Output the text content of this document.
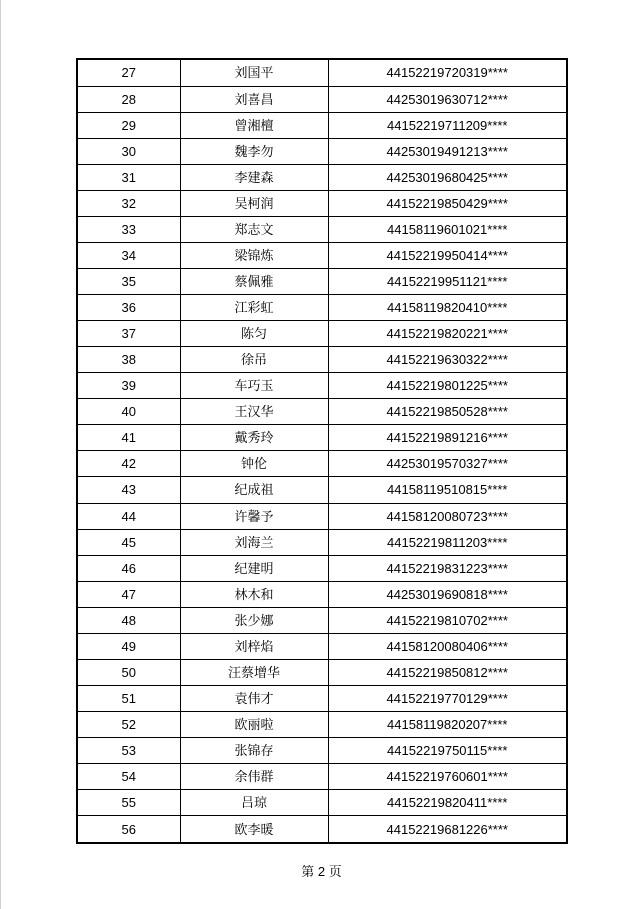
27	刘国平	44152219720319****
28	刘喜昌	44253019630712****
29	曾湘檀	44152219711209****
30	魏李勿	44253019491213****
31	李建森	44253019680425****
32	吴柯润	44152219850429****
33	郑志文	44158119601021****
34	梁锦炼	44152219950414****
35	蔡佩雅	44152219951121****
36	江彩虹	44158119820410****
37	陈匀	44152219820221****
38	徐吊	44152219630322****
39	车巧玉	44152219801225****
40	王汉华	44152219850528****
41	戴秀玲	44152219891216****
42	钟伦	44253019570327****
43	纪成祖	44158119510815****
44	许馨予	44158120080723****
45	刘海兰	44152219811203****
46	纪建明	44152219831223****
47	林木和	44253019690818****
48	张少娜	44152219810702****
49	刘梓焰	44158120080406****
50	汪蔡增华	44152219850812****
51	袁伟才	44152219770129****
52	欧丽啦	44158119820207****
53	张锦存	44152219750115****
54	余伟群	44152219760601****
55	吕琼	44152219820411****
56	欧李暖	44152219681226****
第 2 页
